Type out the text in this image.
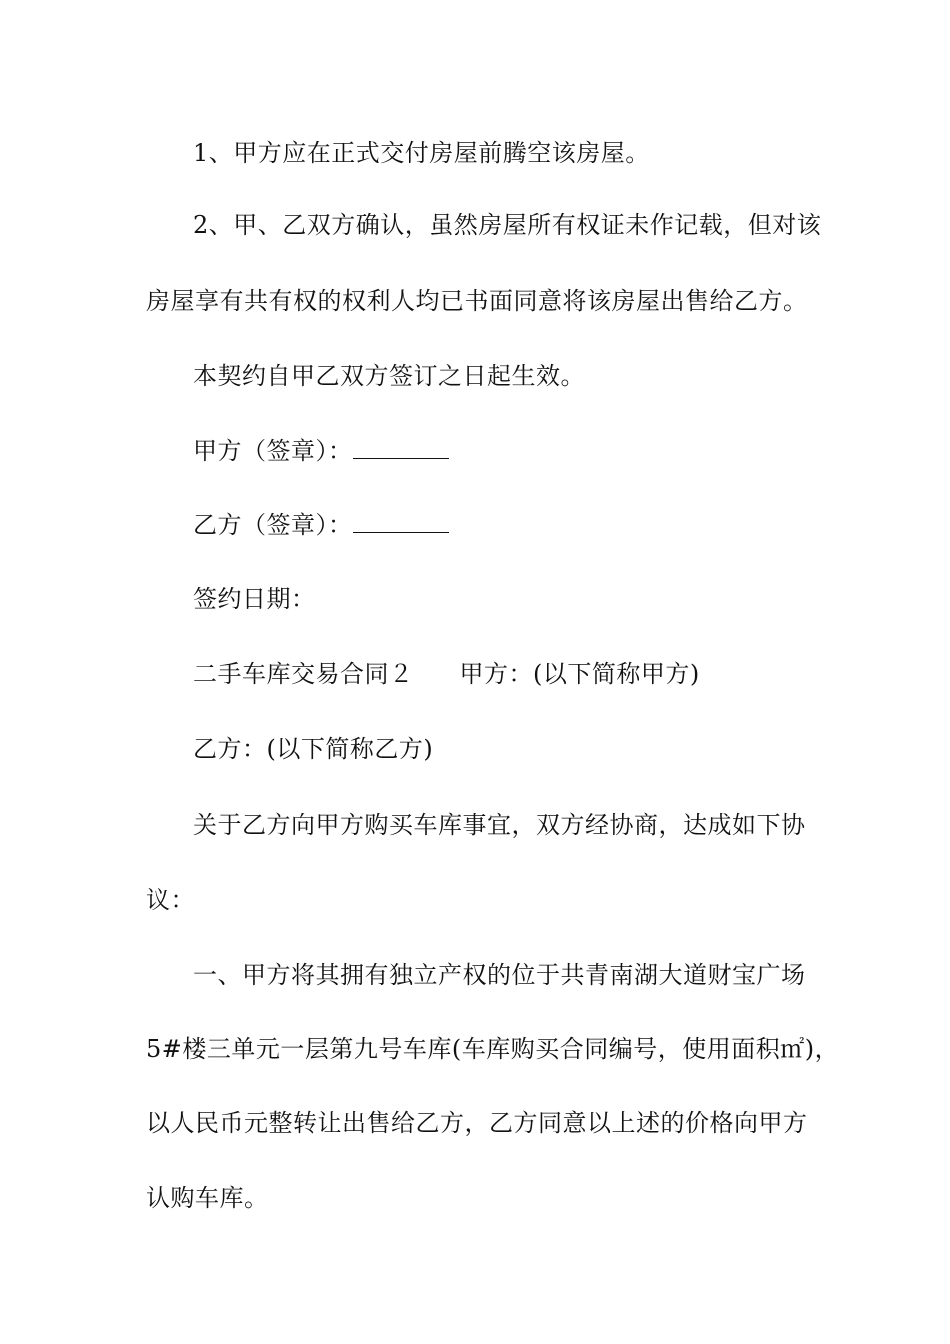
1、甲方应在正式交付房屋前腾空该房屋。
2、甲、乙双方确认，虽然房屋所有权证未作记载，但对该
房屋享有共有权的权利人均已书面同意将该房屋出售给乙方。
本契约自甲乙双方签订之日起生效。
甲方（签章）：
乙方（签章）：
签约日期：
二手车库交易合同２ 甲方：(以下简称甲方)
乙方：(以下简称乙方)
关于乙方向甲方购买车库事宜，双方经协商，达成如下协
议：
一、甲方将其拥有独立产权的位于共青南湖大道财宝广场
5#楼三单元一层第九号车库(车库购买合同编号，使用面积㎡)，
以人民币元整转让出售给乙方，乙方同意以上述的价格向甲方
认购车库。
